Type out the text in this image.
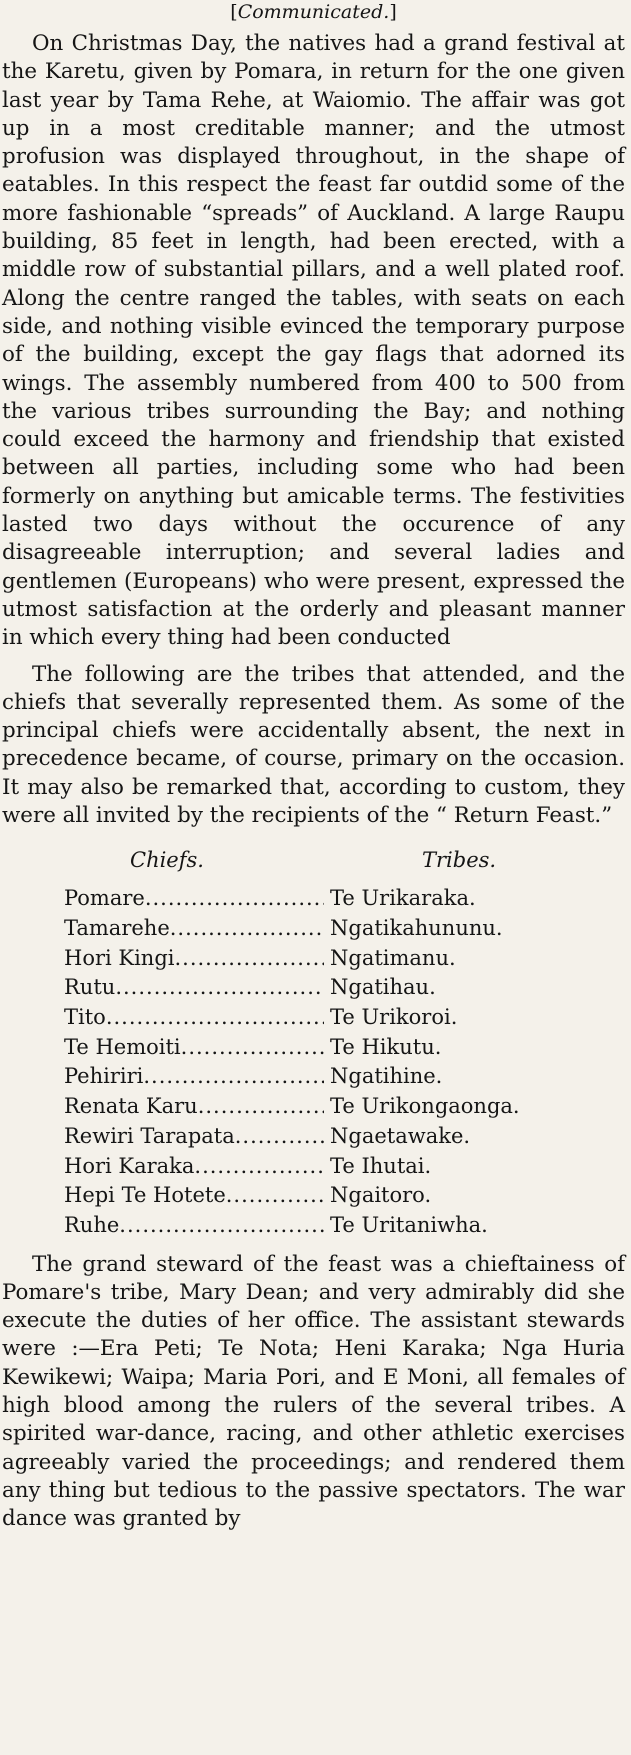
[Communicated.]

On Christmas Day, the natives had a grand festival at the Karetu, given by Pomara, in return for the one given last year by Tama Rehe, at Waiomio. The affair was got up in a most creditable manner; and the utmost profusion was displayed throughout, in the shape of eatables. In this respect the feast far outdid some of the more fashionable “spreads” of Auckland. A large Raupu building, 85 feet in length, had been erected, with a middle row of substantial pillars, and a well plated roof. Along the centre ranged the tables, with seats on each side, and nothing visible evinced the temporary purpose of the building, except the gay flags that adorned its wings. The assembly numbered from 400 to 500 from the various tribes surrounding the Bay; and nothing could exceed the harmony and friendship that existed between all parties, including some who had been formerly on anything but amicable terms. The festivities lasted two days without the occurence of any disagreeable interruption; and several ladies and gentlemen (Europeans) who were present, expressed the utmost satisfaction at the orderly and pleasant manner in which every thing had been conducted

The following are the tribes that attended, and the chiefs that severally represented them. As some of the principal chiefs were accidentally absent, the next in precedence became, of course, primary on the occasion. It may also be remarked that, according to custom, they were all invited by the recipients of the “ Return Feast.”

Chiefs.	Tribes.
Pomare .....	Te Urikaraka.
Tamarehe .....	Ngatikahununu.
Hori Kingi .....	Ngatimanu.
Rutu .....	Ngatihau.
Tito .....	Te Urikoroi.
Te Hemoiti .....	Te Hikutu.
Pehiriri .....	Ngatihine.
Renata Karu .....	Te Urikongaonga.
Rewiri Tarapata .....	Ngaetawake.
Hori Karaka .....	Te Ihutai.
Hepi Te Hotete .....	Ngaitoro.
Ruhe .....	Te Uritaniwha.

The grand steward of the feast was a chieftainess of Pomare's tribe, Mary Dean; and very admirably did she execute the duties of her office. The assistant stewards were :—Era Peti; Te Nota; Heni Karaka; Nga Huria Kewikewi; Waipa; Maria Pori, and E Moni, all females of high blood among the rulers of the several tribes. A spirited war-dance, racing, and other athletic exercises agreeably varied the proceedings; and rendered them any thing but tedious to the passive spectators. The war dance was granted by
